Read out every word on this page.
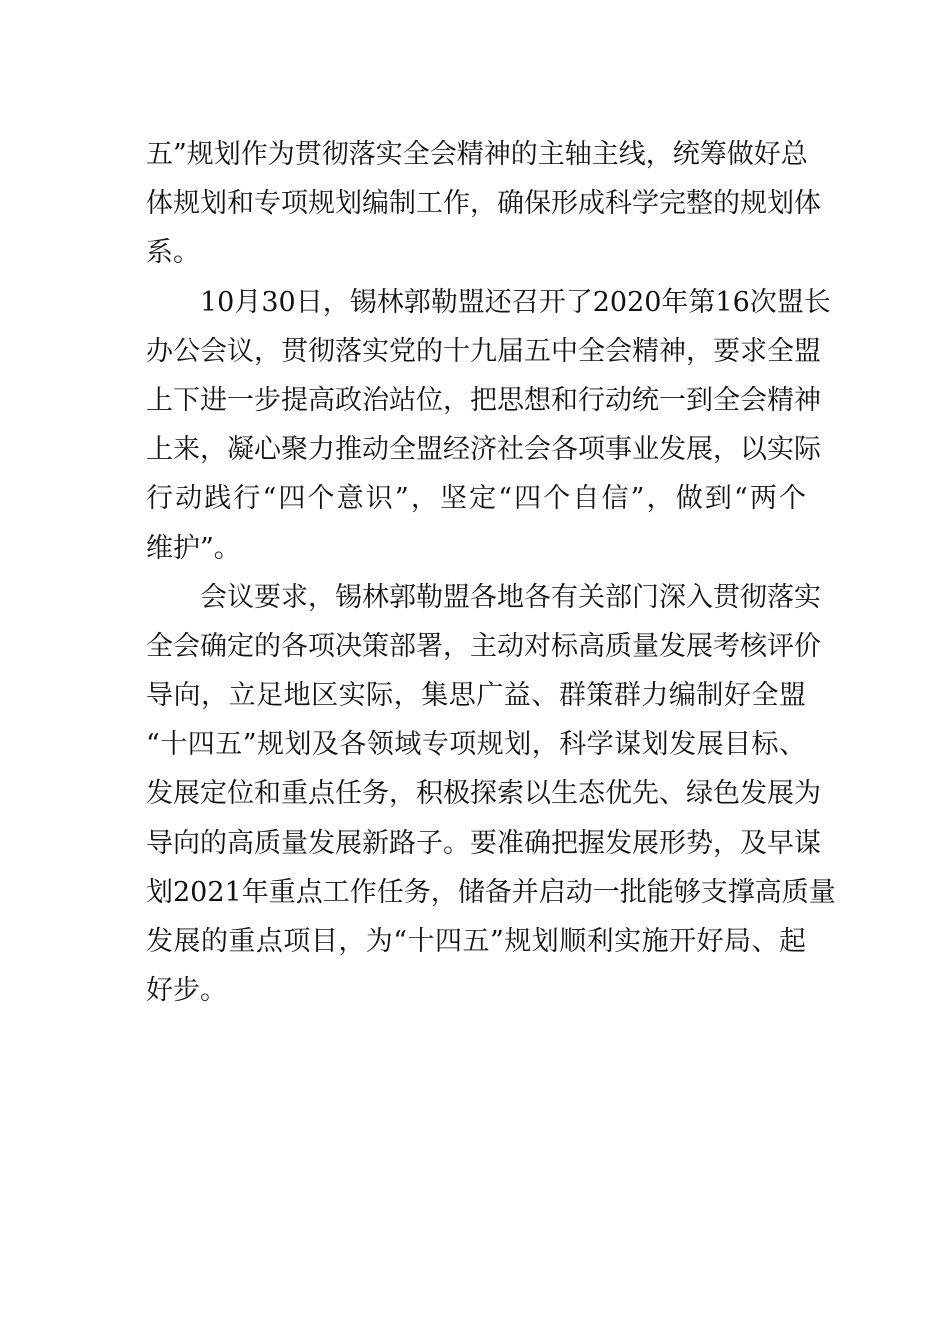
五”规划作为贯彻落实全会精神的主轴主线，统筹做好总
体规划和专项规划编制工作，确保形成科学完整的规划体
系。
10月30日，锡林郭勒盟还召开了2020年第16次盟长
办公会议，贯彻落实党的十九届五中全会精神，要求全盟
上下进一步提高政治站位，把思想和行动统一到全会精神
上来，凝心聚力推动全盟经济社会各项事业发展，以实际
行动践行“四个意识”，坚定“四个自信”，做到“两个
维护”。
会议要求，锡林郭勒盟各地各有关部门深入贯彻落实
全会确定的各项决策部署，主动对标高质量发展考核评价
导向，立足地区实际，集思广益、群策群力编制好全盟
“十四五”规划及各领域专项规划，科学谋划发展目标、
发展定位和重点任务，积极探索以生态优先、绿色发展为
导向的高质量发展新路子。要准确把握发展形势，及早谋
划2021年重点工作任务，储备并启动一批能够支撑高质量
发展的重点项目，为“十四五”规划顺利实施开好局、起
好步。
